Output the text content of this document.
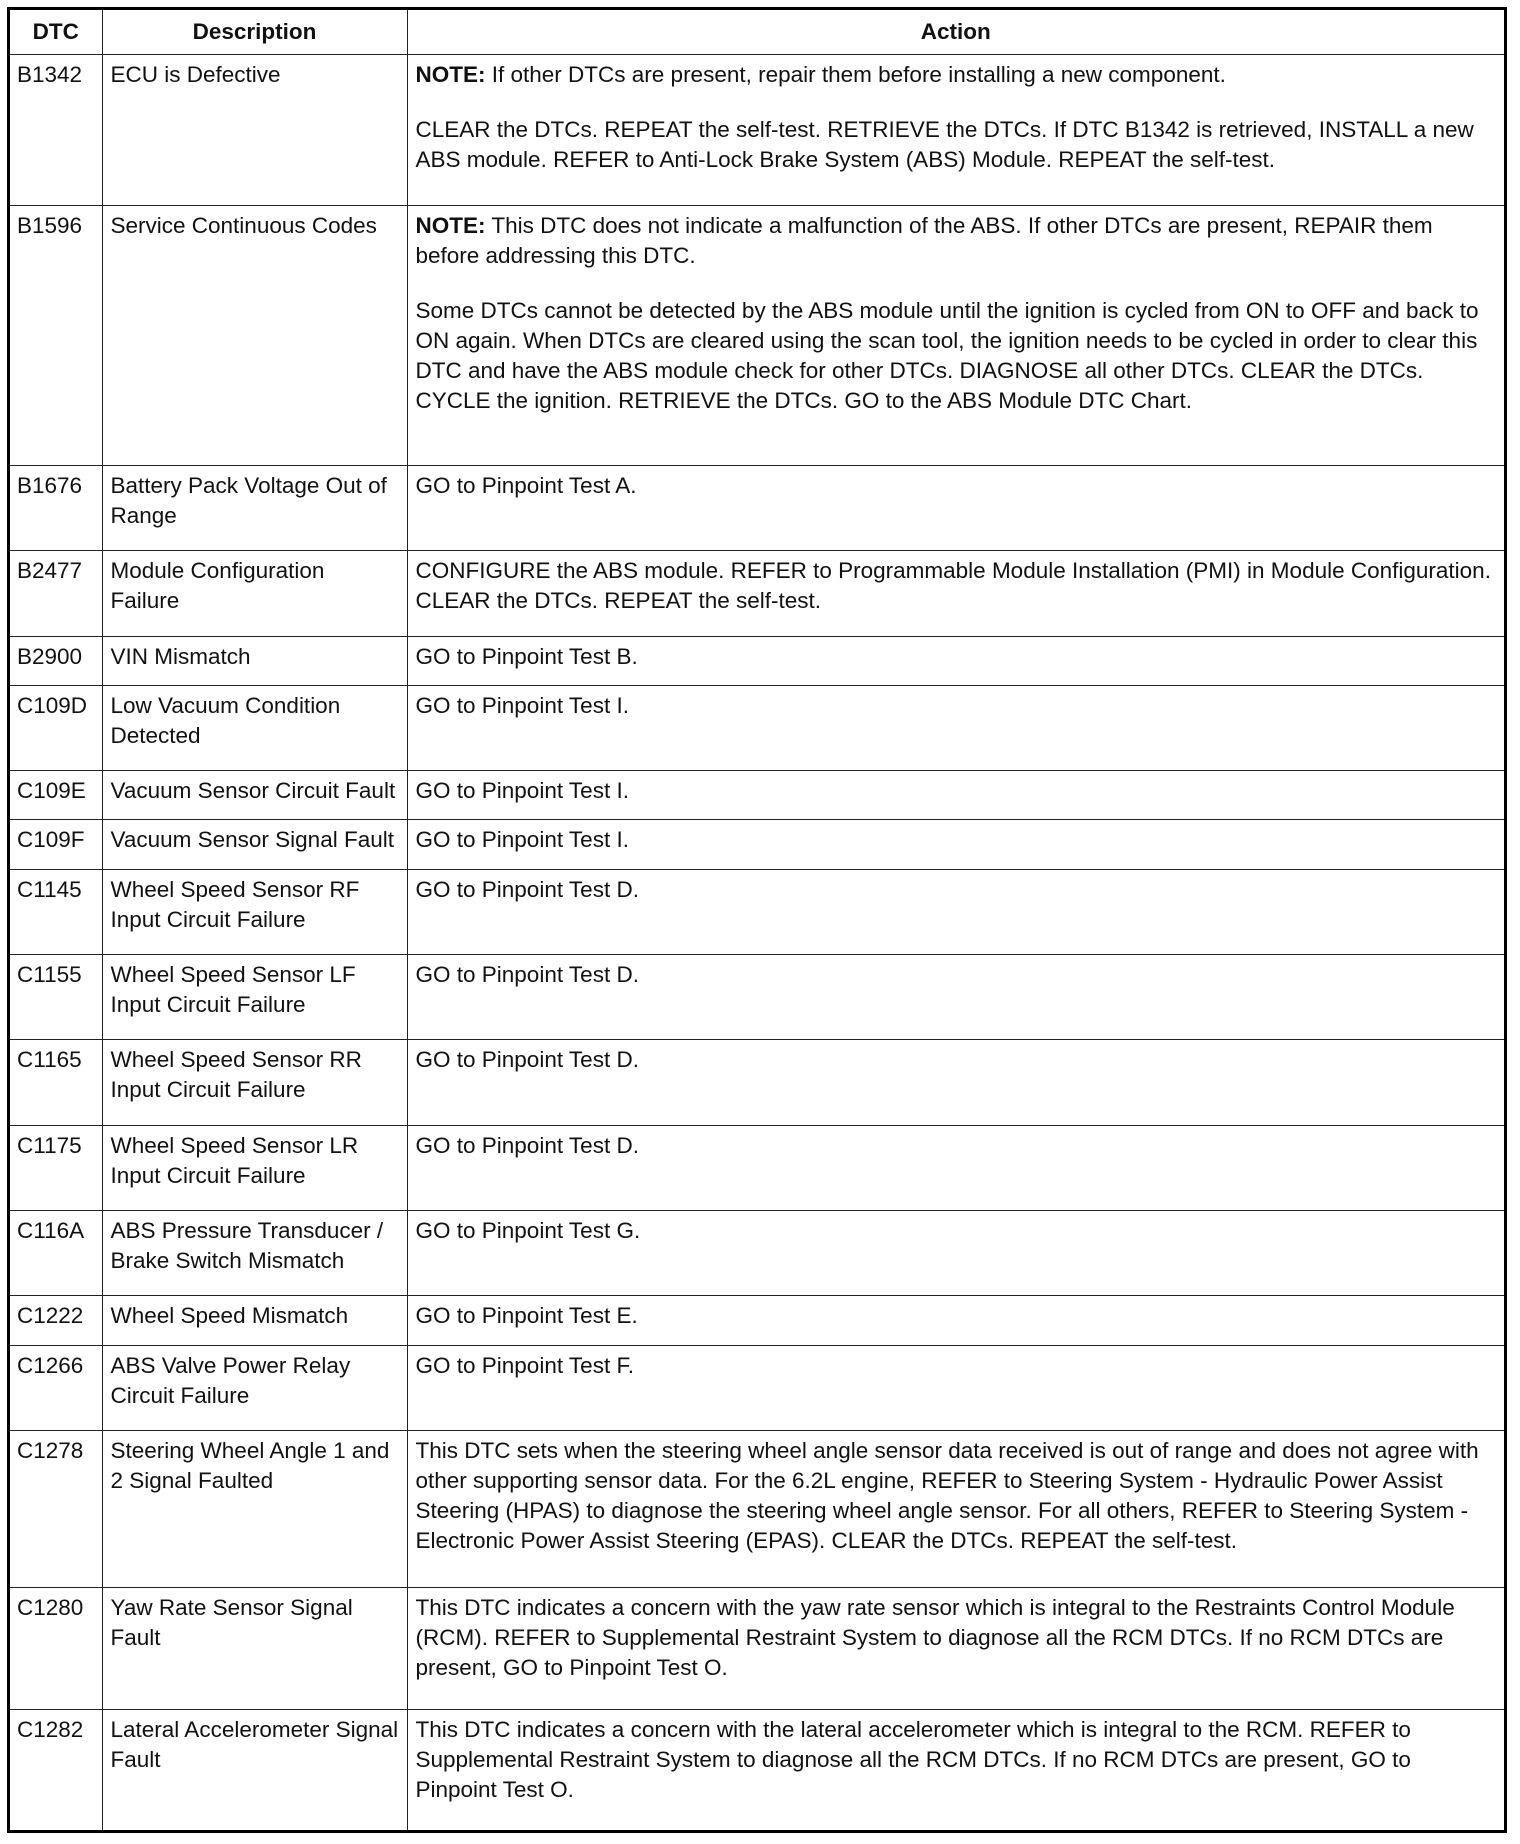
DTC	Description	Action
B1342	ECU is Defective	NOTE: If other DTCs are present, repair them before installing a new component.

CLEAR the DTCs. REPEAT the self-test. RETRIEVE the DTCs. If DTC B1342 is retrieved, INSTALL a new ABS module. REFER to Anti-Lock Brake System (ABS) Module. REPEAT the self-test.

B1596	Service Continuous Codes	NOTE: This DTC does not indicate a malfunction of the ABS. If other DTCs are present, REPAIR them before addressing this DTC.

Some DTCs cannot be detected by the ABS module until the ignition is cycled from ON to OFF and back to ON again. When DTCs are cleared using the scan tool, the ignition needs to be cycled in order to clear this DTC and have the ABS module check for other DTCs. DIAGNOSE all other DTCs. CLEAR the DTCs. CYCLE the ignition. RETRIEVE the DTCs. GO to the ABS Module DTC Chart.

B1676	Battery Pack Voltage Out of Range	GO to Pinpoint Test A.

B2477	Module Configuration Failure	CONFIGURE the ABS module. REFER to Programmable Module Installation (PMI) in Module Configuration. CLEAR the DTCs. REPEAT the self-test.

B2900	VIN Mismatch	GO to Pinpoint Test B.

C109D	Low Vacuum Condition Detected	GO to Pinpoint Test I.

C109E	Vacuum Sensor Circuit Fault	GO to Pinpoint Test I.

C109F	Vacuum Sensor Signal Fault	GO to Pinpoint Test I.

C1145	Wheel Speed Sensor RF Input Circuit Failure	GO to Pinpoint Test D.

C1155	Wheel Speed Sensor LF Input Circuit Failure	GO to Pinpoint Test D.

C1165	Wheel Speed Sensor RR Input Circuit Failure	GO to Pinpoint Test D.

C1175	Wheel Speed Sensor LR Input Circuit Failure	GO to Pinpoint Test D.

C116A	ABS Pressure Transducer / Brake Switch Mismatch	GO to Pinpoint Test G.

C1222	Wheel Speed Mismatch	GO to Pinpoint Test E.

C1266	ABS Valve Power Relay Circuit Failure	GO to Pinpoint Test F.

C1278	Steering Wheel Angle 1 and 2 Signal Faulted	This DTC sets when the steering wheel angle sensor data received is out of range and does not agree with other supporting sensor data. For the 6.2L engine, REFER to Steering System - Hydraulic Power Assist Steering (HPAS) to diagnose the steering wheel angle sensor. For all others, REFER to Steering System - Electronic Power Assist Steering (EPAS). CLEAR the DTCs. REPEAT the self-test.

C1280	Yaw Rate Sensor Signal Fault	This DTC indicates a concern with the yaw rate sensor which is integral to the Restraints Control Module (RCM). REFER to Supplemental Restraint System to diagnose all the RCM DTCs. If no RCM DTCs are present, GO to Pinpoint Test O.

C1282	Lateral Accelerometer Signal Fault	This DTC indicates a concern with the lateral accelerometer which is integral to the RCM. REFER to Supplemental Restraint System to diagnose all the RCM DTCs. If no RCM DTCs are present, GO to Pinpoint Test O.
